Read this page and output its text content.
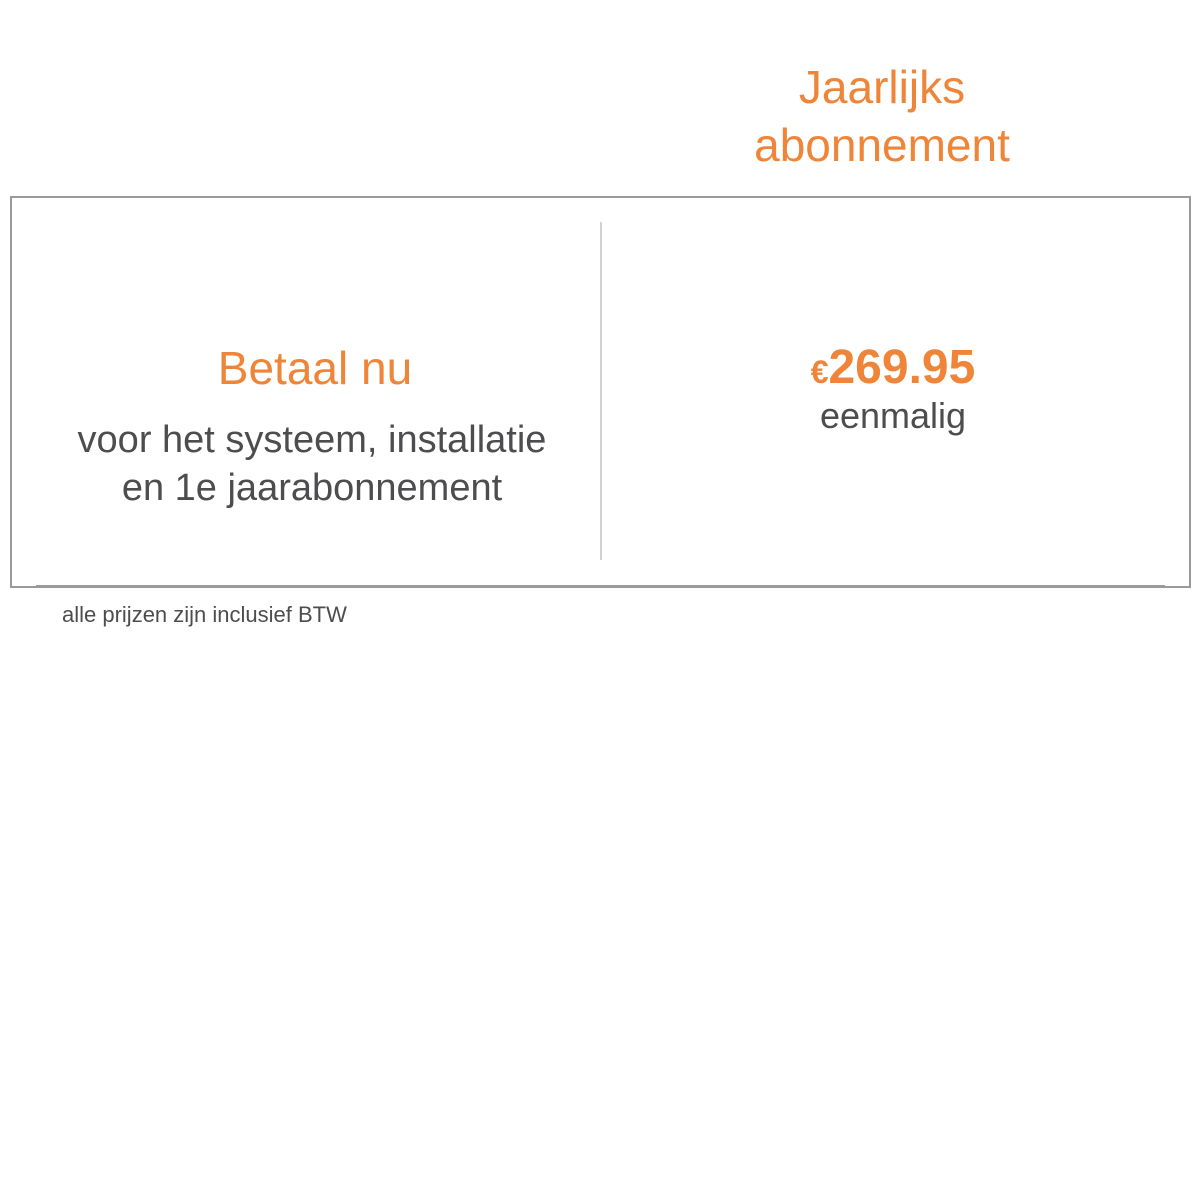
Jaarlijks
abonnement
Betaal nu
voor het systeem, installatie
en 1e jaarabonnement
€269.95
eenmalig
alle prijzen zijn inclusief BTW
